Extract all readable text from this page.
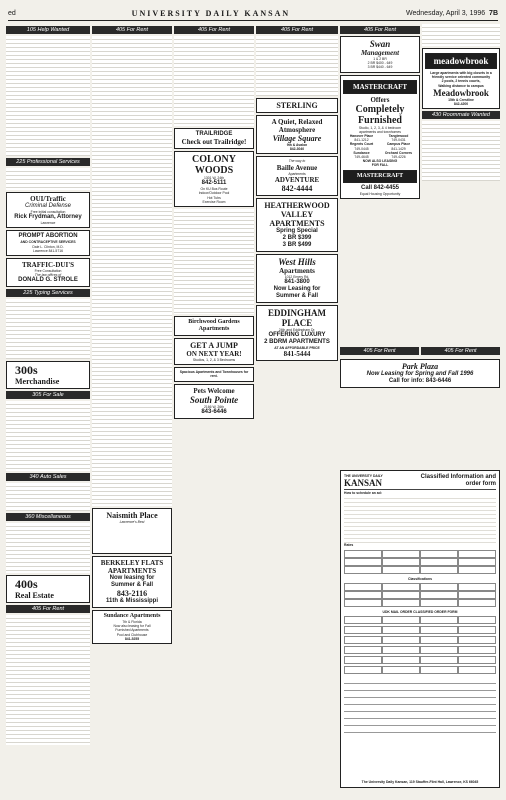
ed	UNIVERSITY DAILY KANSAN	Wednesday, April 3, 1996 7B
105 Help Wanted
225 Professional Services
OUI/Traffic
Criminal Defense
Free initial consultation
Rick Frydman, Attorney
Lawrence
PROMPT ABORTION
AND CONTRACEPTIVE SERVICES
Dale L. Clinton, M.D.
Lawrence 841-5716
TRAFFIC-DUI'S
Free Consultation
The law offices of
DONALD G. STROLE
225 Typing Services
300s
Merchandise
305 For Sale
340 Auto Sales
360 Miscellaneous
400s
Real Estate
405 For Rent
405 For Rent
Naismith Place
Lawrence's Best
BERKELEY FLATS
APARTMENTS
Now leasing for
Summer & Fall
843-2116
11th & Mississippi
Sundance Apartments
7th & Florida
Now also leasing for Fall
Furnished Apartments
Pool and Clubhouse
841-5255
405 For Rent
TRAILRIDGE
Check out Trailridge!
COLONY
WOODS
1301 W. 24th
842-5111
On KU Bus Route
Indoor/Outdoor Pool
Hot Tubs
Exercise Room
Birchwood Gardens
Apartments
GET A JUMP
ON NEXT YEAR!
Studios, 1, 2, & 3 Bedrooms
Spacious Apartments and Townhouses for rent.
Pets Welcome
South Pointe
2166 W. 26th
843-6446
405 For Rent
STERLING
A Quiet, Relaxed
Atmosphere
Village Square
9th & Avalon
842-3040
The way to
Baille Avenue
Apartments
ADVENTURE
842-4444
HEATHERWOOD
VALLEY
APARTMENTS
Spring Special
2 BR $399
3 BR $499
West Hills
Apartments
1012 Emery Rd.
841-3800
Now Leasing for
Summer & Fall
EDDINGHAM
PLACE
24th and Eddingham Dr.
OFFERING LUXURY
2 BDRM APARTMENTS
AT AN AFFORDABLE PRICE
841-5444
405 For Rent
Swan
Management
1 & 2 BR
2 BR $400 - 649
3 BR $440 - 649
MASTERCRAFT
Offers
Completely
Furnished
Studio, 1, 2, 3, & 4 bedroom
apartments and townhomes
Hanover Place
841-1212
Tanglewood
749-0431
Regents Court
749-0445
Campus Place
841-1429
Sundance
749-4645
Orchard Corners
749-4226
NOW ALSO LEASING
FOR FALL
MASTERCRAFT
Call 842-4455
Equal Housing Opportunity
405 For Rent	405 For Rent
Park Plaza
Now Leasing for Spring and Fall 1996
Call for info: 843-6446
meadowbrook
Large apartments with big closets in a friendly service oriented community
2 pools, 2 tennis courts,
Walking distance to campus
Meadowbrook
15th & Crestline
842-4200
430 Roommate Wanted
THE UNIVERSITY DAILY
KANSAN
Classified Information and order form
How to schedule an ad:
Rates
Classifications
UDK MAIL ORDER CLASSIFIED ORDER FORM
The University Daily Kansan, 119 Stauffer-Flint Hall, Lawrence, KS 66045
